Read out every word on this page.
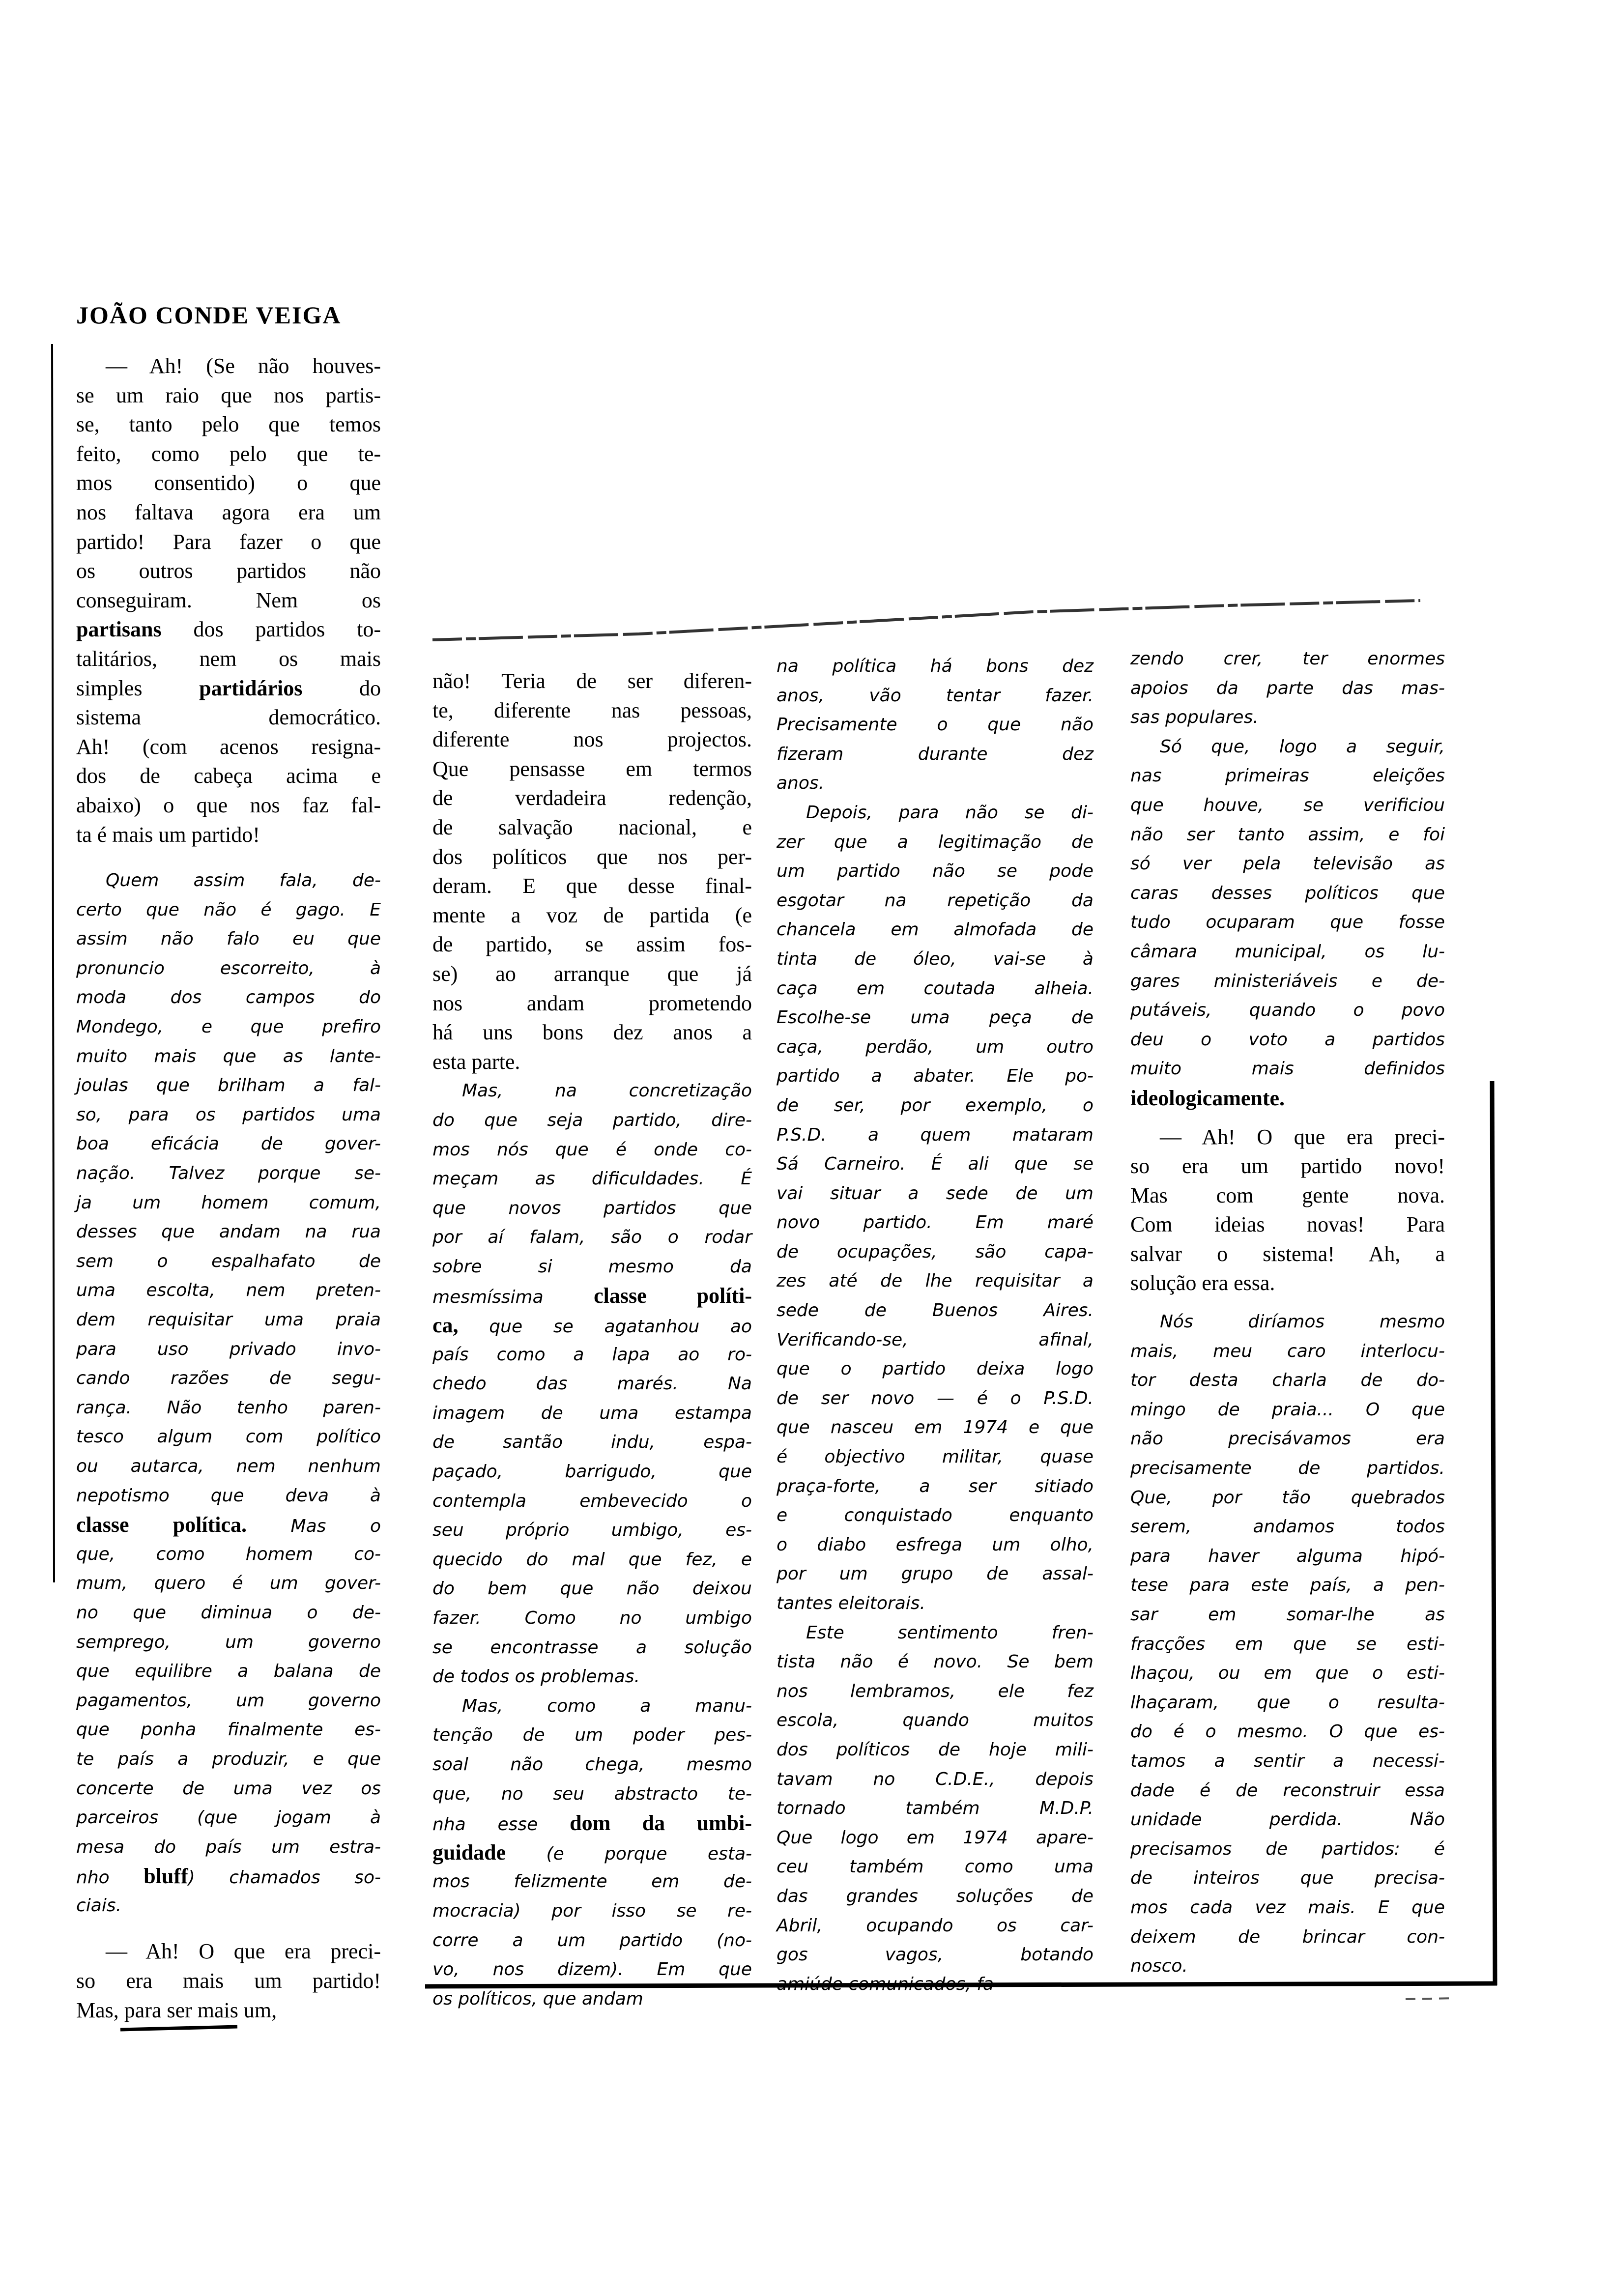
JOÃO CONDE VEIGA
— Ah! (Se não houves-
se um raio que nos partis-
se, tanto pelo que temos
feito, como pelo que te-
mos consentido) o que
nos faltava agora era um
partido! Para fazer o que
os outros partidos não
conseguiram. Nem os
partisans dos partidos to-
talitários, nem os mais
simples partidários do
sistema democrático.
Ah! (com acenos resigna-
dos de cabeça acima e
abaixo) o que nos faz fal-
ta é mais um partido!
Quem assim fala, de-
certo que não é gago. E
assim não falo eu que
pronuncio escorreito, à
moda dos campos do
Mondego, e que prefiro
muito mais que as lante-
joulas que brilham a fal-
so, para os partidos uma
boa eficácia de gover-
nação. Talvez porque se-
ja um homem comum,
desses que andam na rua
sem o espalhafato de
uma escolta, nem preten-
dem requisitar uma praia
para uso privado invo-
cando razões de segu-
rança. Não tenho paren-
tesco algum com político
ou autarca, nem nenhum
nepotismo que deva à
classe política. Mas o
que, como homem co-
mum, quero é um gover-
no que diminua o de-
semprego, um governo
que equilibre a balana de
pagamentos, um governo
que ponha finalmente es-
te país a produzir, e que
concerte de uma vez os
parceiros (que jogam à
mesa do país um estra-
nho bluff) chamados so-
ciais.
— Ah! O que era preci-
so era mais um partido!
Mas, para ser mais um,
não! Teria de ser diferen-
te, diferente nas pessoas,
diferente nos projectos.
Que pensasse em termos
de verdadeira redenção,
de salvação nacional, e
dos políticos que nos per-
deram. E que desse final-
mente a voz de partida (e
de partido, se assim fos-
se) ao arranque que já
nos andam prometendo
há uns bons dez anos a
esta parte.
Mas, na concretização
do que seja partido, dire-
mos nós que é onde co-
meçam as dificuldades. É
que novos partidos que
por aí falam, são o rodar
sobre si mesmo da
mesmíssima classe políti-
ca, que se agatanhou ao
país como a lapa ao ro-
chedo das marés. Na
imagem de uma estampa
de santão indu, espa-
paçado, barrigudo, que
contempla embevecido o
seu próprio umbigo, es-
quecido do mal que fez, e
do bem que não deixou
fazer. Como no umbigo
se encontrasse a solução
de todos os problemas.
Mas, como a manu-
tenção de um poder pes-
soal não chega, mesmo
que, no seu abstracto te-
nha esse dom da umbi-
guidade (e porque esta-
mos felizmente em de-
mocracia) por isso se re-
corre a um partido (no-
vo, nos dizem). Em que
os políticos, que andam
na política há bons dez
anos, vão tentar fazer.
Precisamente o que não
fizeram durante dez
anos.
Depois, para não se di-
zer que a legitimação de
um partido não se pode
esgotar na repetição da
chancela em almofada de
tinta de óleo, vai-se à
caça em coutada alheia.
Escolhe-se uma peça de
caça, perdão, um outro
partido a abater. Ele po-
de ser, por exemplo, o
P.S.D. a quem mataram
Sá Carneiro. É ali que se
vai situar a sede de um
novo partido. Em maré
de ocupações, são capa-
zes até de lhe requisitar a
sede de Buenos Aires.
Verificando-se, afinal,
que o partido deixa logo
de ser novo — é o P.S.D.
que nasceu em 1974 e que
é objectivo militar, quase
praça-forte, a ser sitiado
e conquistado enquanto
o diabo esfrega um olho,
por um grupo de assal-
tantes eleitorais.
Este sentimento fren-
tista não é novo. Se bem
nos lembramos, ele fez
escola, quando muitos
dos políticos de hoje mili-
tavam no C.D.E., depois
tornado também M.D.P.
Que logo em 1974 apare-
ceu também como uma
das grandes soluções de
Abril, ocupando os car-
gos vagos, botando
amiúde comunicados, fa-
zendo crer, ter enormes
apoios da parte das mas-
sas populares.
Só que, logo a seguir,
nas primeiras eleições
que houve, se verificiou
não ser tanto assim, e foi
só ver pela televisão as
caras desses políticos que
tudo ocuparam que fosse
câmara municipal, os lu-
gares ministeriáveis e de-
putáveis, quando o povo
deu o voto a partidos
muito mais definidos
ideologicamente.
— Ah! O que era preci-
so era um partido novo!
Mas com gente nova.
Com ideias novas! Para
salvar o sistema! Ah, a
solução era essa.
Nós diríamos mesmo
mais, meu caro interlocu-
tor desta charla de do-
mingo de praia... O que
não precisávamos era
precisamente de partidos.
Que, por tão quebrados
serem, andamos todos
para haver alguma hipó-
tese para este país, a pen-
sar em somar-lhe as
fracções em que se esti-
lhaçou, ou em que o esti-
lhaçaram, que o resulta-
do é o mesmo. O que es-
tamos a sentir a necessi-
dade é de reconstruir essa
unidade perdida. Não
precisamos de partidos: é
de inteiros que precisa-
mos cada vez mais. E que
deixem de brincar con-
nosco.
